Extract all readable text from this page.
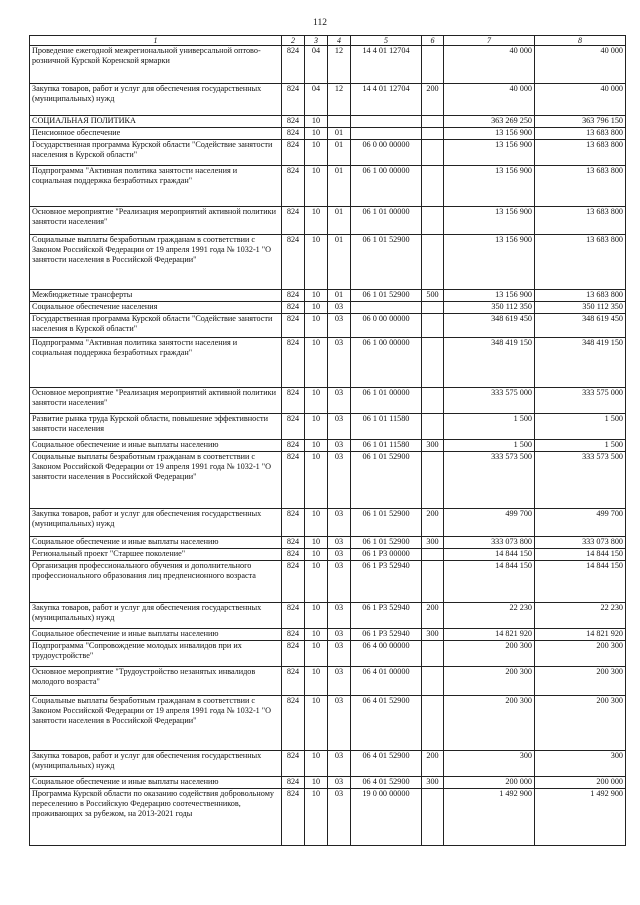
112
1	2	3	4	5	6	7	8
Проведение ежегодной межрегиональной универсальной оптово-розничной Курской Коренской ярмарки	824	04	12	14 4 01 12704		40 000	40 000
Закупка товаров, работ и услуг для обеспечения государственных (муниципальных) нужд	824	04	12	14 4 01 12704	200	40 000	40 000
СОЦИАЛЬНАЯ ПОЛИТИКА	824	10				363 269 250	363 796 150
Пенсионное обеспечение	824	10	01			13 156 900	13 683 800
Государственная программа Курской области "Содействие занятости населения в Курской области"	824	10	01	06 0 00 00000		13 156 900	13 683 800
Подпрограмма "Активная политика занятости населения и социальная поддержка безработных граждан"	824	10	01	06 1 00 00000		13 156 900	13 683 800
Основное мероприятие "Реализация мероприятий активной политики занятости населения"	824	10	01	06 1 01 00000		13 156 900	13 683 800
Социальные выплаты безработным гражданам в соответствии с Законом Российской Федерации от 19 апреля 1991 года № 1032-1 "О занятости населения в Российской Федерации"	824	10	01	06 1 01 52900		13 156 900	13 683 800
Межбюджетные трансферты	824	10	01	06 1 01 52900	500	13 156 900	13 683 800
Социальное обеспечение населения	824	10	03			350 112 350	350 112 350
Государственная программа Курской области "Содействие занятости населения в Курской области"	824	10	03	06 0 00 00000		348 619 450	348 619 450
Подпрограмма "Активная политика занятости населения и социальная поддержка безработных граждан"	824	10	03	06 1 00 00000		348 419 150	348 419 150
Основное мероприятие "Реализация мероприятий активной политики занятости населения"	824	10	03	06 1 01 00000		333 575 000	333 575 000
Развитие рынка труда Курской области, повышение эффективности занятости населения	824	10	03	06 1 01 11580		1 500	1 500
Социальное обеспечение и иные выплаты населению	824	10	03	06 1 01 11580	300	1 500	1 500
Социальные выплаты безработным гражданам в соответствии с Законом Российской Федерации от 19 апреля 1991 года № 1032-1 "О занятости населения в Российской Федерации"	824	10	03	06 1 01 52900		333 573 500	333 573 500
Закупка товаров, работ и услуг для обеспечения государственных (муниципальных) нужд	824	10	03	06 1 01 52900	200	499 700	499 700
Социальное обеспечение и иные выплаты населению	824	10	03	06 1 01 52900	300	333 073 800	333 073 800
Региональный проект "Старшее поколение"	824	10	03	06 1 P3 00000		14 844 150	14 844 150
Организация профессионального обучения и дополнительного профессионального образования лиц предпенсионного возраста	824	10	03	06 1 P3 52940		14 844 150	14 844 150
Закупка товаров, работ и услуг для обеспечения государственных (муниципальных) нужд	824	10	03	06 1 P3 52940	200	22 230	22 230
Социальное обеспечение и иные выплаты населению	824	10	03	06 1 P3 52940	300	14 821 920	14 821 920
Подпрограмма "Сопровождение молодых инвалидов при их трудоустройстве"	824	10	03	06 4 00 00000		200 300	200 300
Основное мероприятие "Трудоустройство незанятых инвалидов молодого возраста"	824	10	03	06 4 01 00000		200 300	200 300
Социальные выплаты безработным гражданам в соответствии с Законом Российской Федерации от 19 апреля 1991 года № 1032-1 "О занятости населения в Российской Федерации"	824	10	03	06 4 01 52900		200 300	200 300
Закупка товаров, работ и услуг для обеспечения государственных (муниципальных) нужд	824	10	03	06 4 01 52900	200	300	300
Социальное обеспечение и иные выплаты населению	824	10	03	06 4 01 52900	300	200 000	200 000
Программа Курской области по оказанию содействия добровольному переселению в Российскую Федерацию соотечественников, проживающих за рубежом, на 2013-2021 годы	824	10	03	19 0 00 00000		1 492 900	1 492 900
